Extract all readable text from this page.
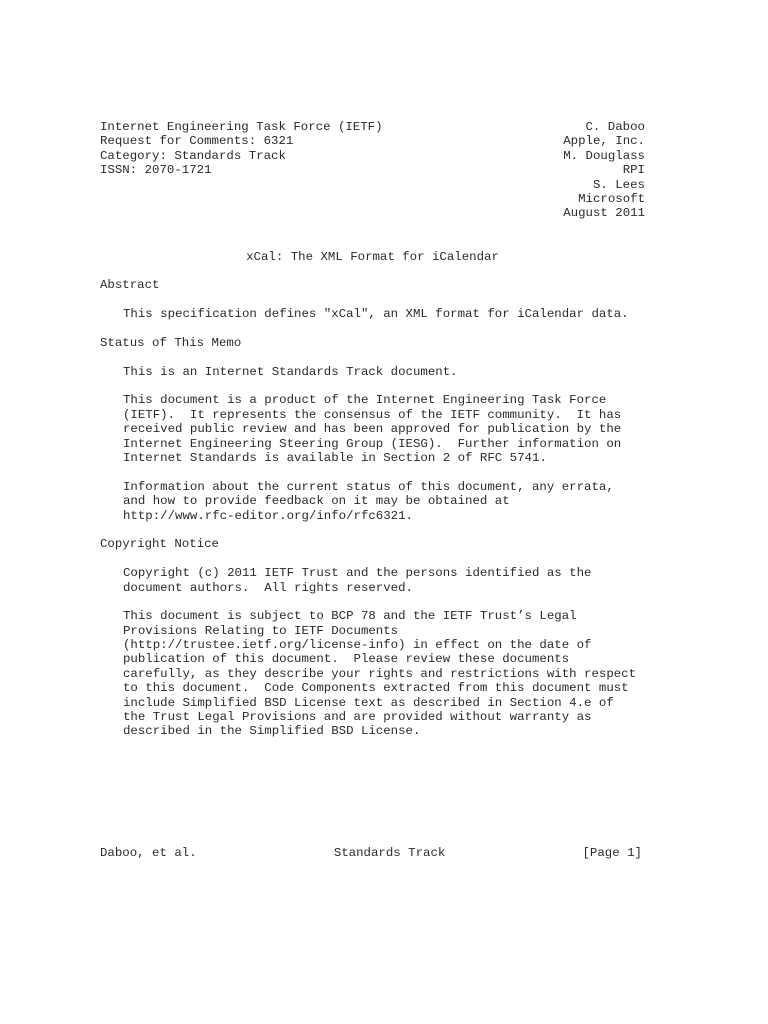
Internet Engineering Task Force (IETF)
Request for Comments: 6321
Category: Standards Track
ISSN: 2070-1721
C. Daboo
Apple, Inc.
M. Douglass
RPI
S. Lees
Microsoft
August 2011
xCal: The XML Format for iCalendar
Abstract
This specification defines "xCal", an XML format for iCalendar data.
Status of This Memo
This is an Internet Standards Track document.
This document is a product of the Internet Engineering Task Force
(IETF).  It represents the consensus of the IETF community.  It has
received public review and has been approved for publication by the
Internet Engineering Steering Group (IESG).  Further information on
Internet Standards is available in Section 2 of RFC 5741.
Information about the current status of this document, any errata,
and how to provide feedback on it may be obtained at
http://www.rfc-editor.org/info/rfc6321.
Copyright Notice
Copyright (c) 2011 IETF Trust and the persons identified as the
document authors.  All rights reserved.
This document is subject to BCP 78 and the IETF Trust’s Legal
Provisions Relating to IETF Documents
(http://trustee.ietf.org/license-info) in effect on the date of
publication of this document.  Please review these documents
carefully, as they describe your rights and restrictions with respect
to this document.  Code Components extracted from this document must
include Simplified BSD License text as described in Section 4.e of
the Trust Legal Provisions and are provided without warranty as
described in the Simplified BSD License.
Daboo, et al.	Standards Track	[Page 1]
